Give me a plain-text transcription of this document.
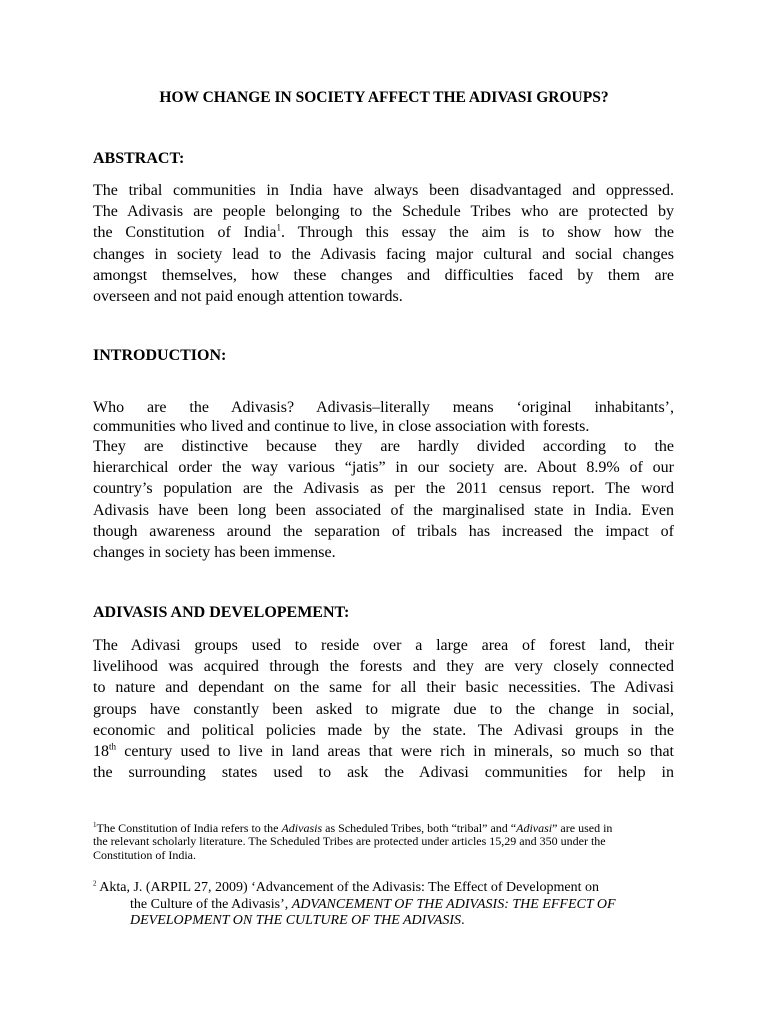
HOW CHANGE IN SOCIETY AFFECT THE ADIVASI GROUPS?
ABSTRACT:
The tribal communities in India have always been disadvantaged and oppressed.
The Adivasis are people belonging to the Schedule Tribes who are protected by
the Constitution of India$^1$. Through this essay the aim is to show how the
changes in society lead to the Adivasis facing major cultural and social changes
amongst themselves, how these changes and difficulties faced by them are
overseen and not paid enough attention towards.
INTRODUCTION:
Who are the Adivasis? Adivasis–literally means ‘original inhabitants’,
communities who lived and continue to live, in close association with forests.
They are distinctive because they are hardly divided according to the
hierarchical order the way various “jatis” in our society are. About 8.9% of our
country’s population are the Adivasis as per the 2011 census report. The word
Adivasis have been long been associated of the marginalised state in India. Even
though awareness around the separation of tribals has increased the impact of
changes in society has been immense.
ADIVASIS AND DEVELOPEMENT:
The Adivasi groups used to reside over a large area of forest land, their
livelihood was acquired through the forests and they are very closely connected
to nature and dependant on the same for all their basic necessities. The Adivasi
groups have constantly been asked to migrate due to the change in social,
economic and political policies made by the state. The Adivasi groups in the
18th century used to live in land areas that were rich in minerals, so much so that
the surrounding states used to ask the Adivasi communities for help in
$^1$The Constitution of India refers to the Adivasis as Scheduled Tribes, both “tribal” and “Adivasi” are used in
the relevant scholarly literature. The Scheduled Tribes are protected under articles 15,29 and 350 under the
Constitution of India.
$^2$ Akta, J. (ARPIL 27, 2009) ‘Advancement of the Adivasis: The Effect of Development on
the Culture of the Adivasis’, ADVANCEMENT OF THE ADIVASIS: THE EFFECT OF
DEVELOPMENT ON THE CULTURE OF THE ADIVASIS.
